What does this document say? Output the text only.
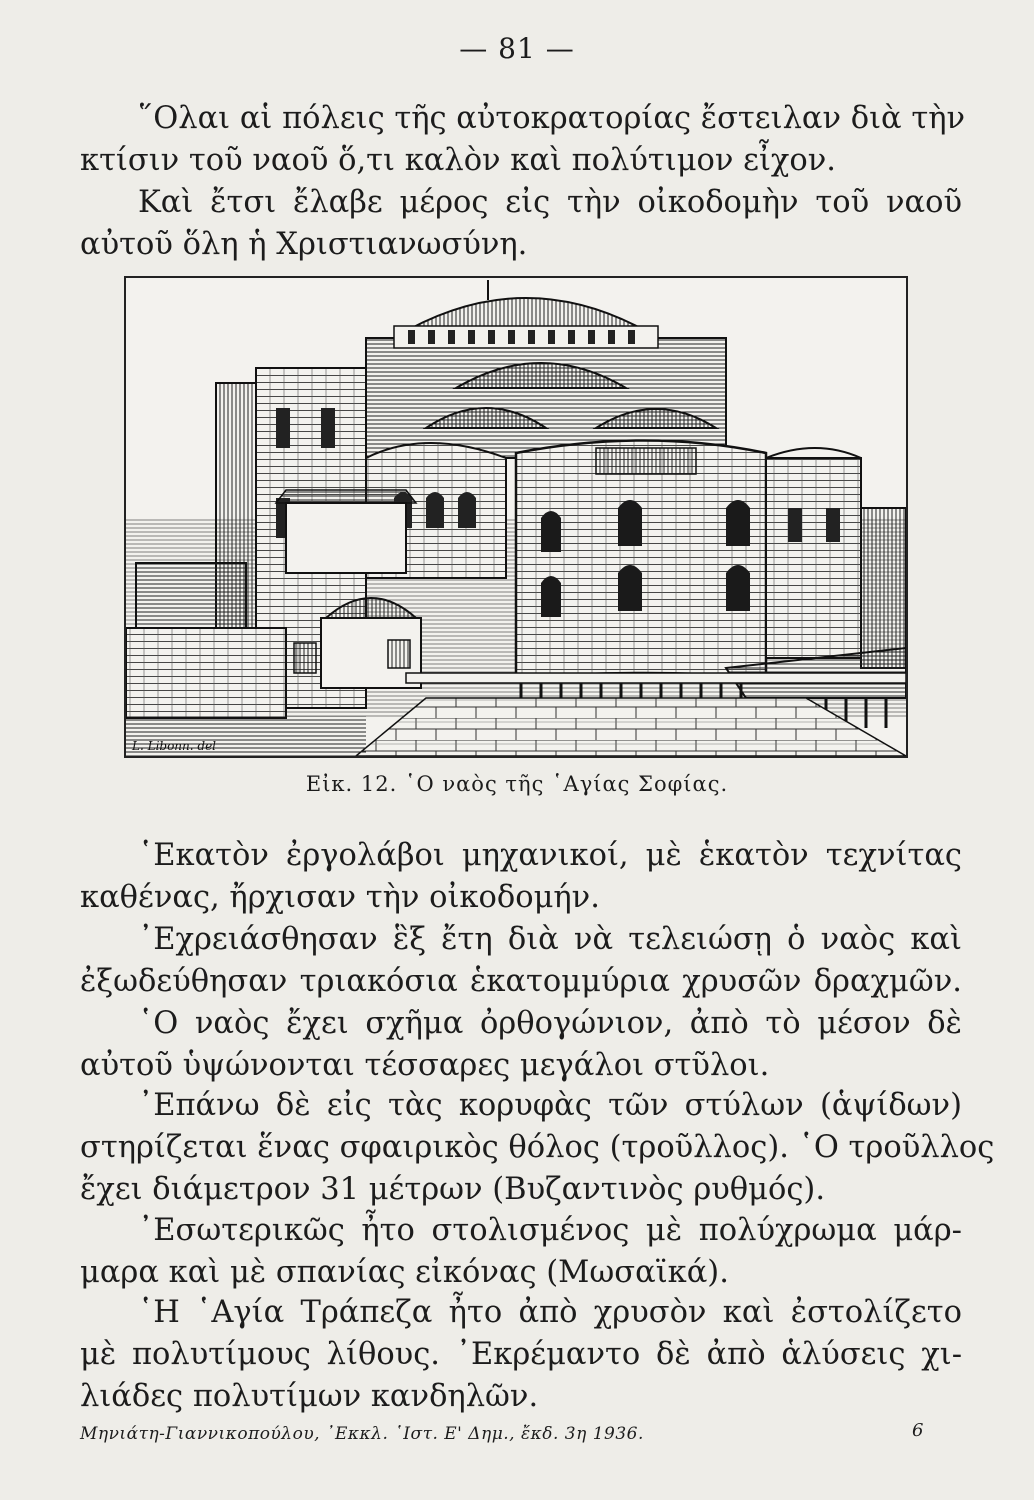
— 81 —

῞Ολαι αἱ πόλεις τῆς αὐτοκρατορίας ἔστειλαν διὰ τὴν
κτίσιν τοῦ ναοῦ ὅ,τι καλὸν καὶ πολύτιμον εἶχον.

Καὶ ἔτσι ἔλαβε μέρος εἰς τὴν οἰκοδομὴν τοῦ ναοῦ
αὐτοῦ ὅλη ἡ Χριστιανωσύνη.

L. Libonn. del
Εἰκ. 12. ῾Ο ναὸς τῆς ῾Αγίας Σοφίας.

῾Εκατὸν ἐργολάβοι μηχανικοί, μὲ ἑκατὸν τεχνίτας
καθένας, ἤρχισαν τὴν οἰκοδομήν.

᾿Εχρειάσθησαν ἓξ ἔτη διὰ νὰ τελειώσῃ ὁ ναὸς καὶ
ἐξωδεύθησαν τριακόσια ἑκατομμύρια χρυσῶν δραχμῶν.

῾Ο ναὸς ἔχει σχῆμα ὀρθογώνιον, ἀπὸ τὸ μέσον δὲ
αὐτοῦ ὑψώνονται τέσσαρες μεγάλοι στῦλοι.

᾿Επάνω δὲ εἰς τὰς κορυφὰς τῶν στύλων (ἁψίδων)
στηρίζεται ἕνας σφαιρικὸς θόλος (τροῦλλος). ῾Ο τροῦλλος
ἔχει διάμετρον 31 μέτρων (Βυζαντινὸς ρυθμός).

᾿Εσωτερικῶς ἦτο στολισμένος μὲ πολύχρωμα μάρ-
μαρα καὶ μὲ σπανίας εἰκόνας (Μωσαϊκά).

῾Η ῾Αγία Τράπεζα ἦτο ἀπὸ χρυσὸν καὶ ἐστολίζετο
μὲ πολυτίμους λίθους. ᾿Εκρέμαντο δὲ ἀπὸ ἁλύσεις χι-
λιάδες πολυτίμων κανδηλῶν.

Μηνιάτη-Γιαννικοπούλου, ᾿Εκκλ. ῾Ιστ. Ε' Δημ., ἔκδ. 3η 1936.	6
